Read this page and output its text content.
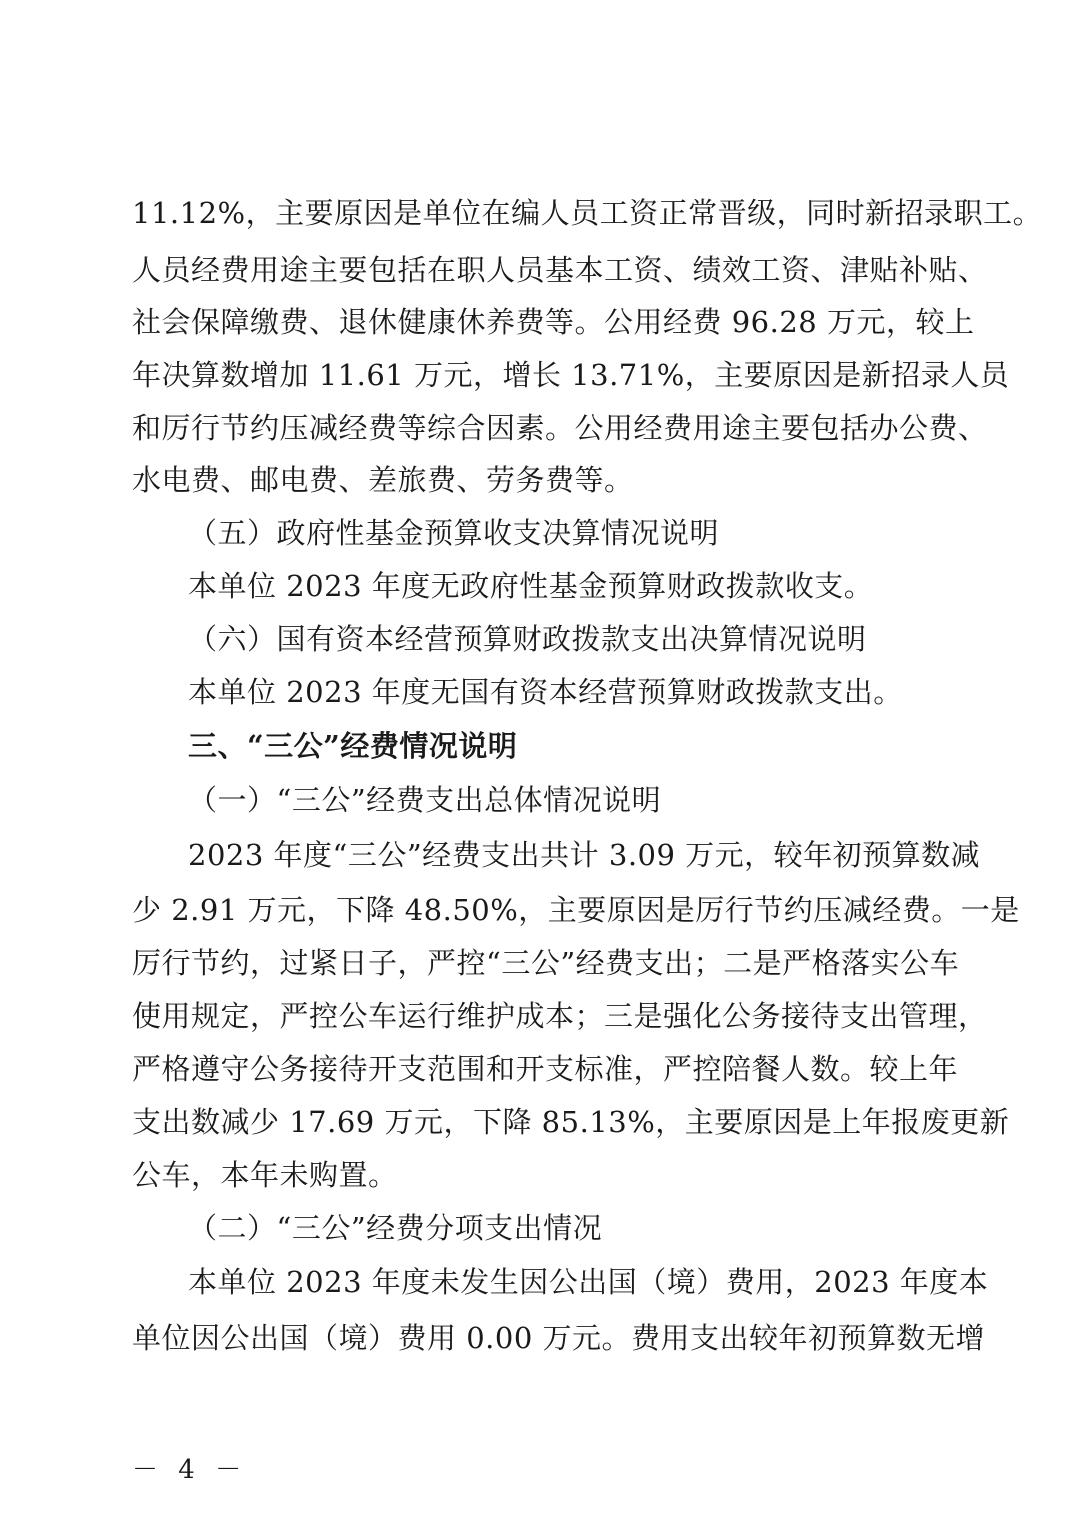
11.12%，主要原因是单位在编人员工资正常晋级，同时新招录职工。
人员经费用途主要包括在职人员基本工资、绩效工资、津贴补贴、
社会保障缴费、退休健康休养费等。公用经费 96.28 万元，较上
年决算数增加 11.61 万元，增长 13.71%，主要原因是新招录人员
和厉行节约压减经费等综合因素。公用经费用途主要包括办公费、
水电费、邮电费、差旅费、劳务费等。
（五）政府性基金预算收支决算情况说明
本单位 2023 年度无政府性基金预算财政拨款收支。
（六）国有资本经营预算财政拨款支出决算情况说明
本单位 2023 年度无国有资本经营预算财政拨款支出。
三、“三公”经费情况说明
（一）“三公”经费支出总体情况说明
2023 年度“三公”经费支出共计 3.09 万元，较年初预算数减
少 2.91 万元，下降 48.50%，主要原因是厉行节约压减经费。一是
厉行节约，过紧日子，严控“三公”经费支出；二是严格落实公车
使用规定，严控公车运行维护成本；三是强化公务接待支出管理，
严格遵守公务接待开支范围和开支标准，严控陪餐人数。较上年
支出数减少 17.69 万元，下降 85.13%，主要原因是上年报废更新
公车，本年未购置。
（二）“三公”经费分项支出情况
本单位 2023 年度未发生因公出国（境）费用，2023 年度本
单位因公出国（境）费用 0.00 万元。费用支出较年初预算数无增
－ 4 －
